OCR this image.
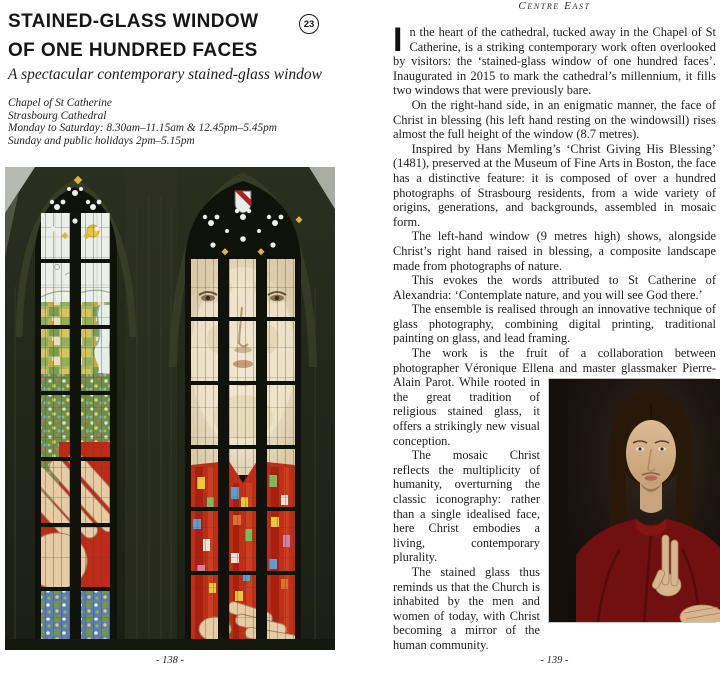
STAINED-GLASS WINDOW
OF ONE HUNDRED FACES
23
A spectacular contemporary stained-glass window
Chapel of St Catherine
Strasbourg Cathedral
Monday to Saturday: 8.30am–11.15am & 12.45pm–5.45pm
Sunday and public holidays 2pm–5.15pm
- 138 -
Centre East

In the heart of the cathedral, tucked away in the Chapel of St Catherine, is a striking contemporary work often overlooked by visitors: the ‘stained-glass window of one hundred faces’. Inaugurated in 2015 to mark the cathedral’s millennium, it fills two windows that were previously bare.

On the right-hand side, in an enigmatic manner, the face of Christ in blessing (his left hand resting on the windowsill) rises almost the full height of the window (8.7 metres).

Inspired by Hans Memling’s ‘Christ Giving His Blessing’ (1481), preserved at the Museum of Fine Arts in Boston, the face has a distinctive feature: it is composed of over a hundred photographs of Strasbourg residents, from a wide variety of origins, generations, and backgrounds, assembled in mosaic form.

The left-hand window (9 metres high) shows, alongside Christ’s right hand raised in blessing, a composite landscape made from photographs of nature.

This evokes the words attributed to St Catherine of Alexandria: ‘Contemplate nature, and you will see God there.’

The ensemble is realised through an innovative technique of glass photography, combining digital printing, traditional painting on glass, and lead framing.

The work is the fruit of a collaboration between photographer Véronique Ellena and master glassmaker Pierre-Alain Parot. While rooted in the great tradition of religious stained glass, it offers a strikingly new visual conception.

The mosaic Christ reflects the multiplicity of humanity, overturning the classic iconography: rather than a single idealised face, here Christ embodies a living, contemporary plurality.

The stained glass thus reminds us that the Church is inhabited by the men and women of today, with Christ becoming a mirror of the human community.

- 139 -
